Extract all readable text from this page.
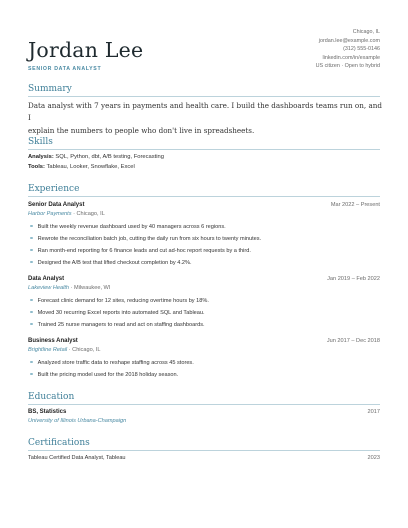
Jordan Lee
SENIOR DATA ANALYST
Chicago, IL
jordan.lee@example.com
(312) 555-0146
linkedin.com/in/example
US citizen · Open to hybrid
Summary
Data analyst with 7 years in payments and health care. I build the dashboards teams run on, and I
explain the numbers to people who don't live in spreadsheets.
Skills
Analysis: SQL, Python, dbt, A/B testing, Forecasting
Tools: Tableau, Looker, Snowflake, Excel
Experience
Senior Data Analyst	Mar 2022 – Present
Harbor Payments · Chicago, IL
Built the weekly revenue dashboard used by 40 managers across 6 regions.
Rewrote the reconciliation batch job, cutting the daily run from six hours to twenty minutes.
Ran month-end reporting for 6 finance leads and cut ad-hoc report requests by a third.
Designed the A/B test that lifted checkout completion by 4.2%.
Data Analyst	Jan 2019 – Feb 2022
Lakeview Health · Milwaukee, WI
Forecast clinic demand for 12 sites, reducing overtime hours by 18%.
Moved 30 recurring Excel reports into automated SQL and Tableau.
Trained 25 nurse managers to read and act on staffing dashboards.
Business Analyst	Jun 2017 – Dec 2018
Brightline Retail · Chicago, IL
Analyzed store traffic data to reshape staffing across 45 stores.
Built the pricing model used for the 2018 holiday season.
Education
BS, Statistics	2017
University of Illinois Urbana-Champaign
Certifications
Tableau Certified Data Analyst, Tableau	2023
